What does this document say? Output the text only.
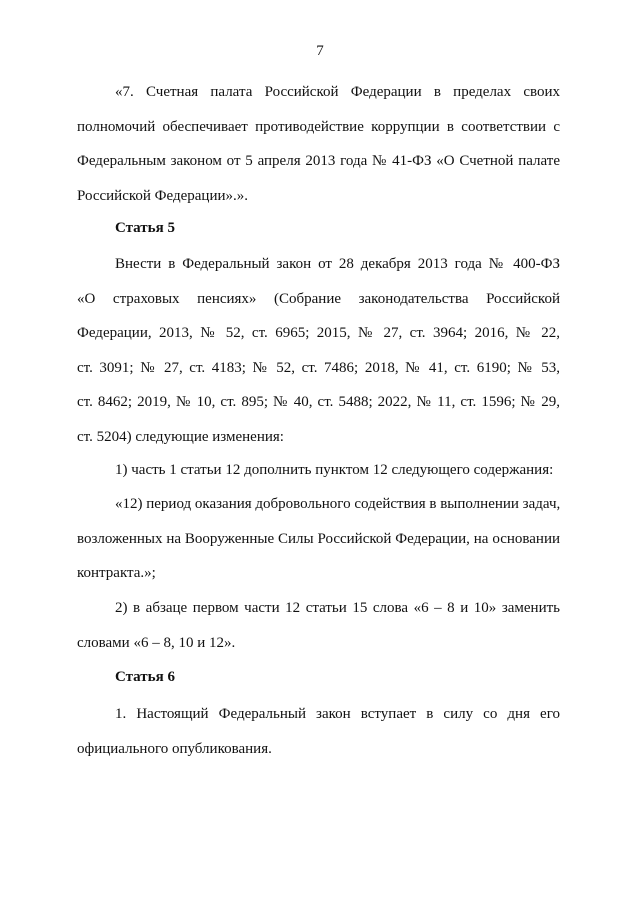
7
«7. Счетная палата Российской Федерации в пределах своих
полномочий обеспечивает противодействие коррупции в соответствии с
Федеральным законом от 5 апреля 2013 года № 41-ФЗ «О Счетной палате
Российской Федерации».».
Статья 5
Внести в Федеральный закон от 28 декабря 2013 года № 400-ФЗ
«О страховых пенсиях» (Собрание законодательства Российской
Федерации, 2013, № 52, ст. 6965; 2015, № 27, ст. 3964; 2016, № 22,
ст. 3091; № 27, ст. 4183; № 52, ст. 7486; 2018, № 41, ст. 6190; № 53,
ст. 8462; 2019, № 10, ст. 895; № 40, ст. 5488; 2022, № 11, ст. 1596; № 29,
ст. 5204) следующие изменения:
1) часть 1 статьи 12 дополнить пунктом 12 следующего содержания:
«12) период оказания добровольного содействия в выполнении задач,
возложенных на Вооруженные Силы Российской Федерации, на основании
контракта.»;
2) в абзаце первом части 12 статьи 15 слова «6 – 8 и 10» заменить
словами «6 – 8, 10 и 12».
Статья 6
1. Настоящий Федеральный закон вступает в силу со дня его
официального опубликования.
